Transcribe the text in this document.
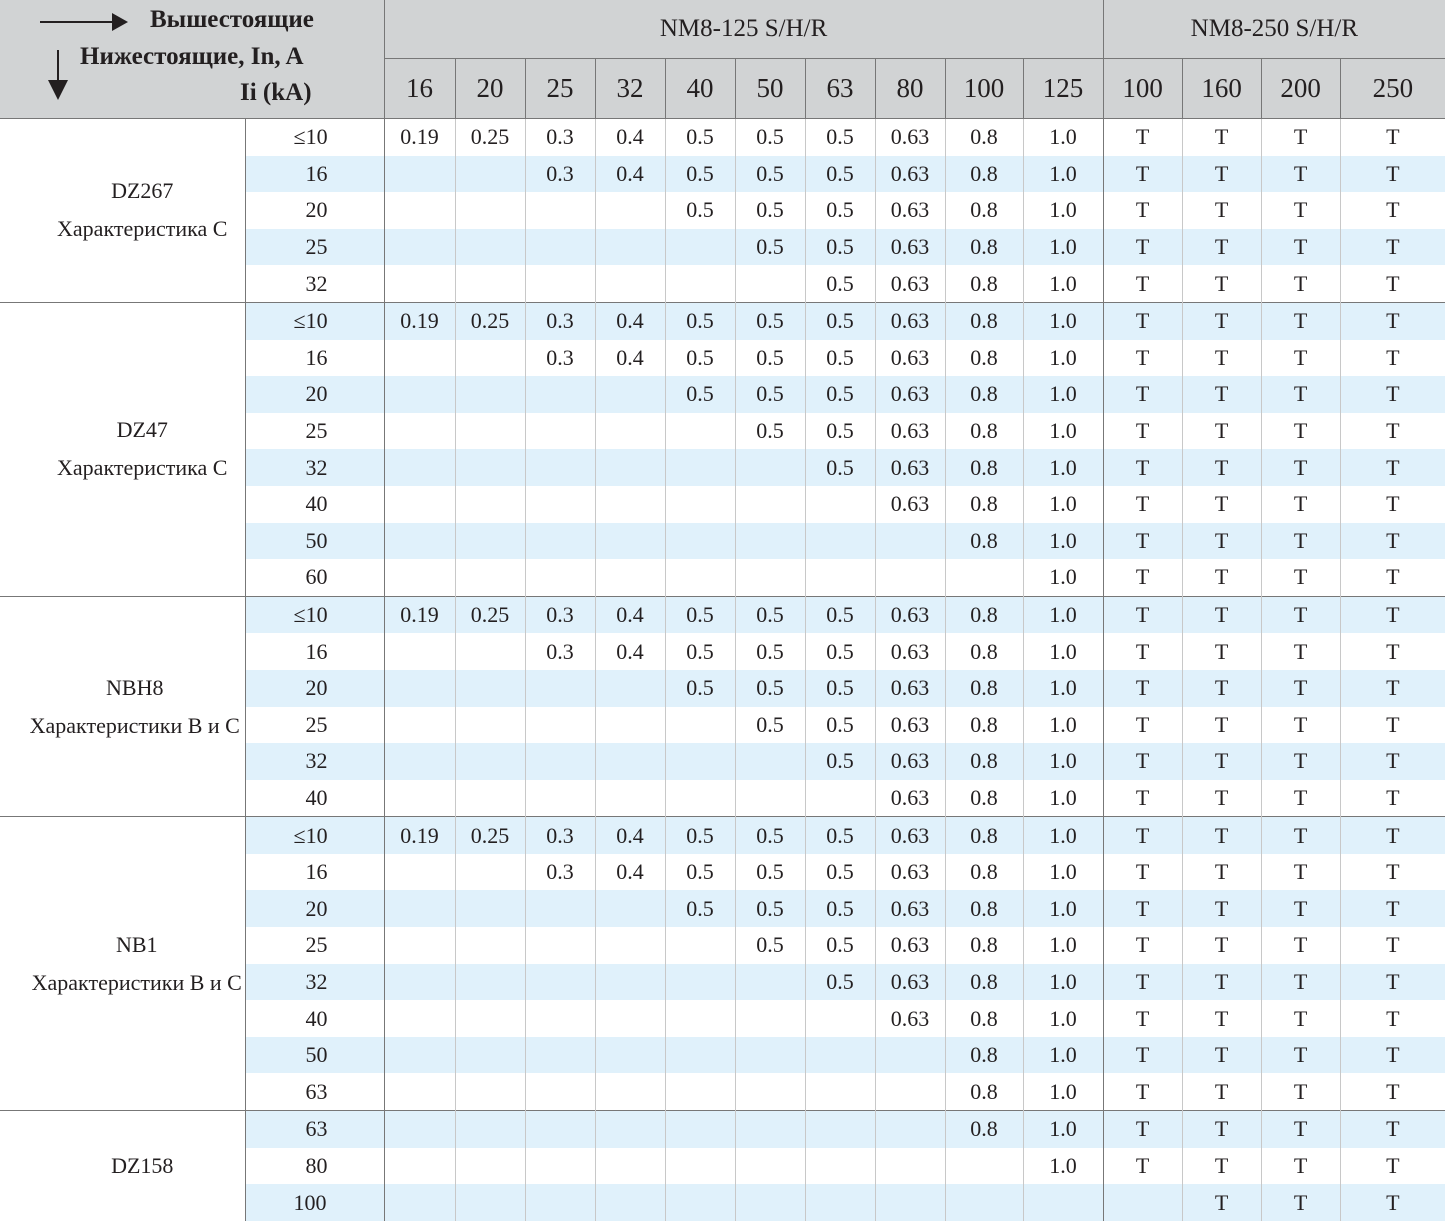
Вышестоящие
Нижестоящие, In, A
Ii (kA)		NM8-125 S/H/R										NM8-250 S/H/R			
		16	20	25	32	40	50	63	80	100	125	100	160	200	250

DZ267
Характеристика С	≤10	0.19	0.25	0.3	0.4	0.5	0.5	0.5	0.63	0.8	1.0	T	T	T	T
	16			0.3	0.4	0.5	0.5	0.5	0.63	0.8	1.0	T	T	T	T
	20					0.5	0.5	0.5	0.63	0.8	1.0	T	T	T	T
	25						0.5	0.5	0.63	0.8	1.0	T	T	T	T
	32							0.5	0.63	0.8	1.0	T	T	T	T

DZ47
Характеристика С	≤10	0.19	0.25	0.3	0.4	0.5	0.5	0.5	0.63	0.8	1.0	T	T	T	T
	16			0.3	0.4	0.5	0.5	0.5	0.63	0.8	1.0	T	T	T	T
	20					0.5	0.5	0.5	0.63	0.8	1.0	T	T	T	T
	25						0.5	0.5	0.63	0.8	1.0	T	T	T	T
	32							0.5	0.63	0.8	1.0	T	T	T	T
	40								0.63	0.8	1.0	T	T	T	T
	50									0.8	1.0	T	T	T	T
	60										1.0	T	T	T	T

NBH8
Характеристики В и С	≤10	0.19	0.25	0.3	0.4	0.5	0.5	0.5	0.63	0.8	1.0	T	T	T	T
	16			0.3	0.4	0.5	0.5	0.5	0.63	0.8	1.0	T	T	T	T
	20					0.5	0.5	0.5	0.63	0.8	1.0	T	T	T	T
	25						0.5	0.5	0.63	0.8	1.0	T	T	T	T
	32							0.5	0.63	0.8	1.0	T	T	T	T
	40								0.63	0.8	1.0	T	T	T	T

NB1
Характеристики В и С	≤10	0.19	0.25	0.3	0.4	0.5	0.5	0.5	0.63	0.8	1.0	T	T	T	T
	16			0.3	0.4	0.5	0.5	0.5	0.63	0.8	1.0	T	T	T	T
	20					0.5	0.5	0.5	0.63	0.8	1.0	T	T	T	T
	25						0.5	0.5	0.63	0.8	1.0	T	T	T	T
	32							0.5	0.63	0.8	1.0	T	T	T	T
	40								0.63	0.8	1.0	T	T	T	T
	50									0.8	1.0	T	T	T	T
	63									0.8	1.0	T	T	T	T

DZ158	63									0.8	1.0	T	T	T	T
	80										1.0	T	T	T	T
	100												T	T	T
